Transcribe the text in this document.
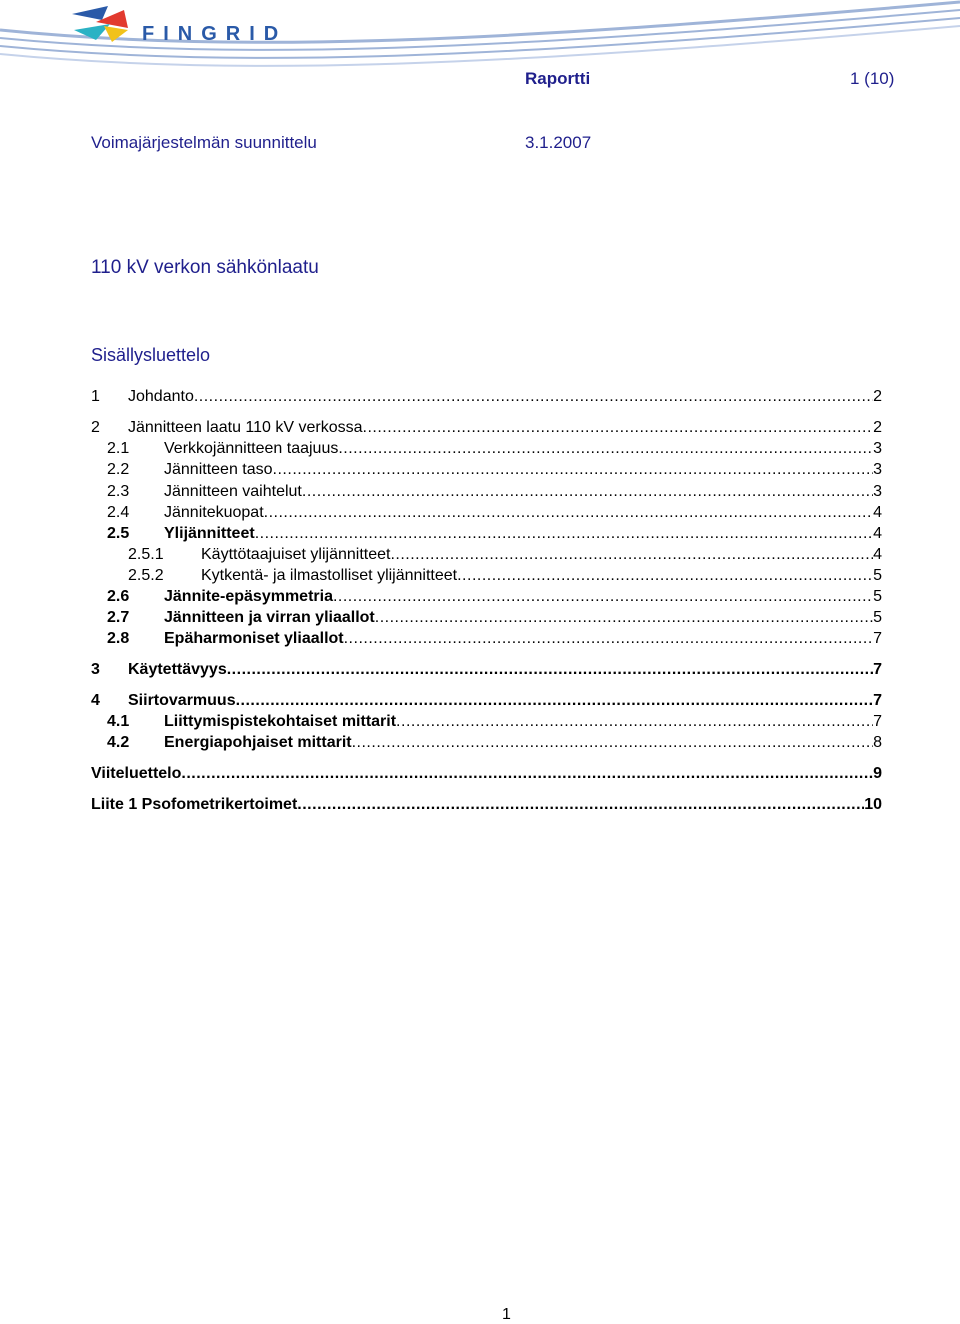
FINGRID
Raportti	1 (10)
Voimajärjestelmän suunnittelu	3.1.2007
110 kV verkon sähkönlaatu
Sisällysluettelo
1 Johdanto .....	2
2 Jännitteen laatu 110 kV verkossa .....	2
2.1 Verkkojännitteen taajuus .....	3
2.2 Jännitteen taso .....	3
2.3 Jännitteen vaihtelut .....	3
2.4 Jännitekuopat .....	4
2.5 Ylijännitteet .....	4
2.5.1 Käyttötaajuiset ylijännitteet .....	4
2.5.2 Kytkentä- ja ilmastolliset ylijännitteet .....	5
2.6 Jännite-epäsymmetria .....	5
2.7 Jännitteen ja virran yliaallot .....	5
2.8 Epäharmoniset yliaallot .....	7
3 Käytettävyys .....	7
4 Siirtovarmuus .....	7
4.1 Liittymispistekohtaiset mittarit .....	7
4.2 Energiapohjaiset mittarit .....	8
Viiteluettelo .....	9
Liite 1 Psofometrikertoimet .....	10
1
